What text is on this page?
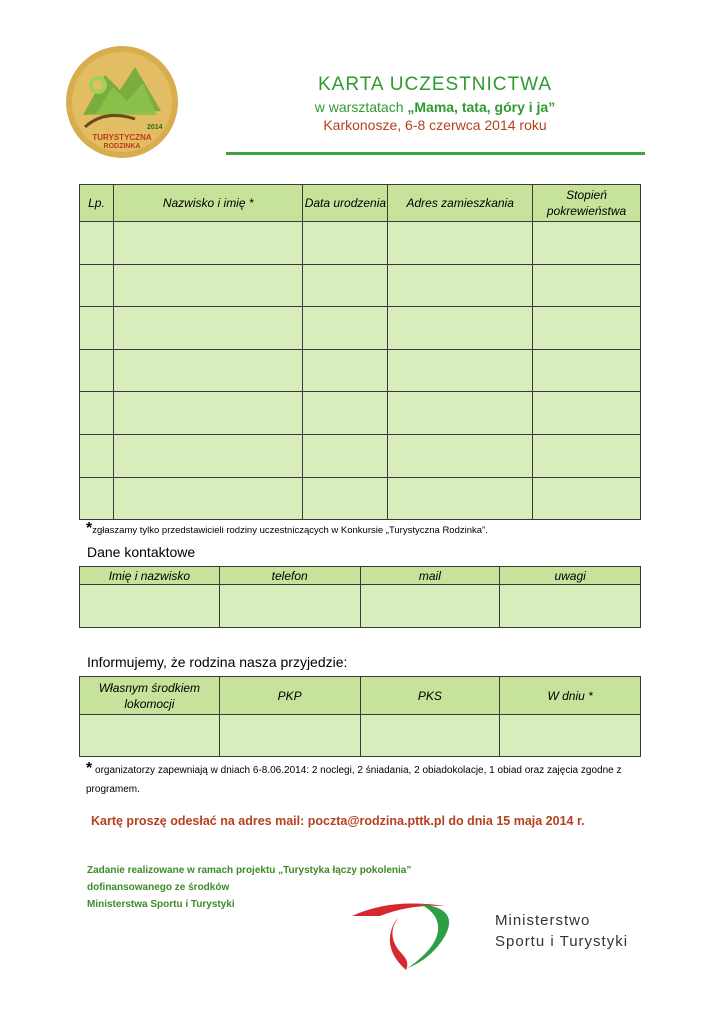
2014
TURYSTYCZNA
RODZINKA
KARTA UCZESTNICTWA
w warsztatach „Mama, tata, góry i ja”
Karkonosze, 6-8 czerwca 2014 roku
Lp.	Nazwisko i imię *	Data urodzenia	Adres zamieszkania	Stopień pokrewieństwa

*zgłaszamy tylko przedstawicieli rodziny uczestniczących w Konkursie „Turystyczna Rodzinka”.
Dane kontaktowe
Imię i nazwisko	telefon	mail	uwagi

Informujemy, że rodzina nasza przyjedzie:
Własnym środkiem lokomocji	PKP	PKS	W dniu *

* organizatorzy zapewniają w dniach 6-8.06.2014: 2 noclegi, 2 śniadania, 2 obiadokolacje, 1 obiad oraz zajęcia zgodne z programem.
Kartę proszę odesłać na adres mail: poczta@rodzina.pttk.pl do dnia 15 maja 2014 r.
Zadanie realizowane w ramach projektu „Turystyka łączy pokolenia”
dofinansowanego ze środków
Ministerstwa Sportu i Turystyki
Ministerstwo
Sportu i Turystyki
